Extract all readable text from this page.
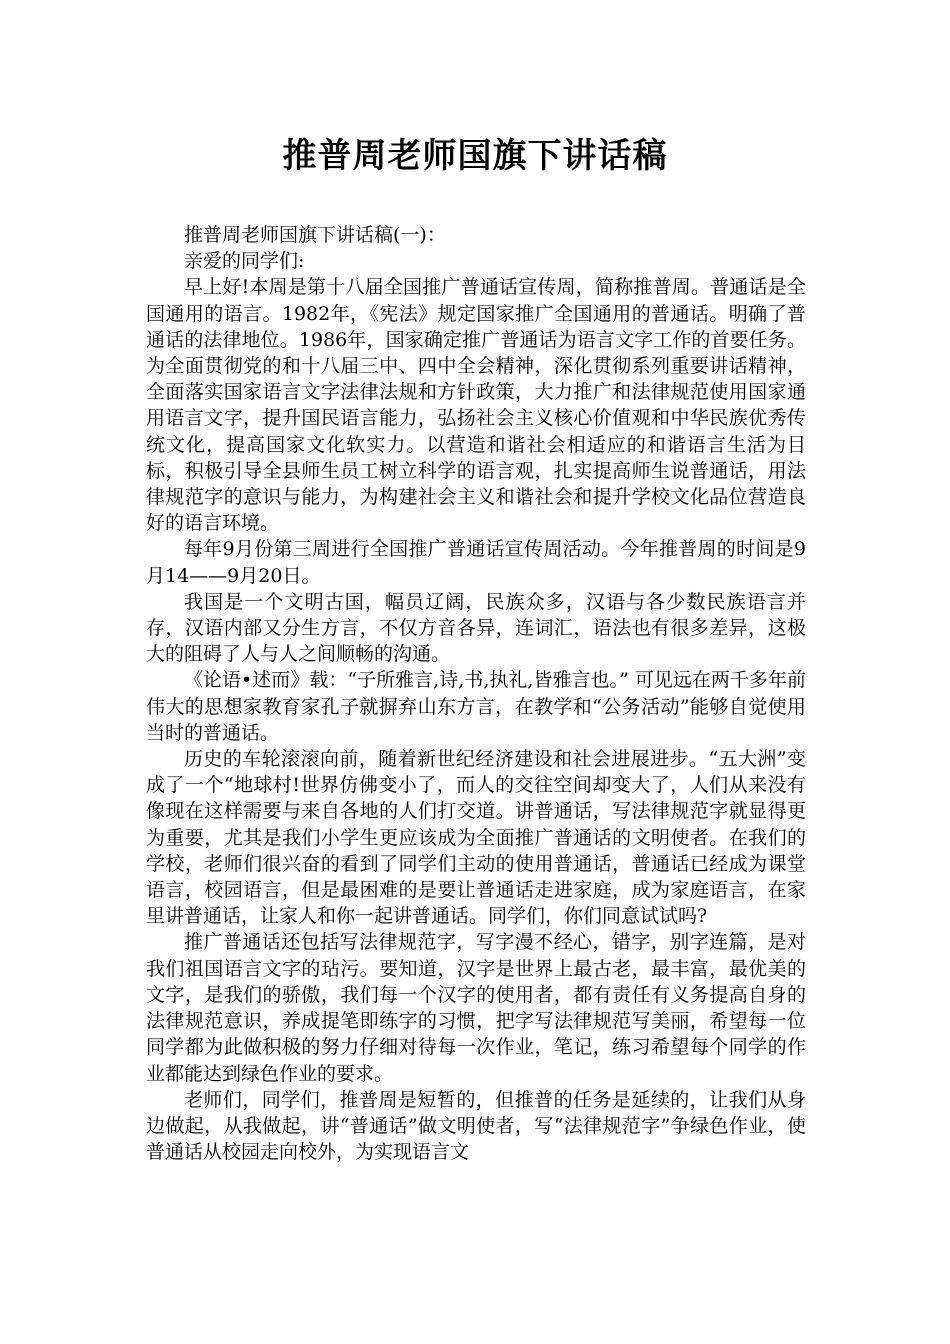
推普周老师国旗下讲话稿

推普周老师国旗下讲话稿(一)：

亲爱的同学们:

早上好!本周是第十八届全国推广普通话宣传周，简称推普周。普通话是全国通用的语言。1982年，《宪法》规定国家推广全国通用的普通话。明确了普通话的法律地位。1986年，国家确定推广普通话为语言文字工作的首要任务。为全面贯彻党的和十八届三中、四中全会精神，深化贯彻系列重要讲话精神，全面落实国家语言文字法律法规和方针政策，大力推广和法律规范使用国家通用语言文字，提升国民语言能力，弘扬社会主义核心价值观和中华民族优秀传统文化，提高国家文化软实力。以营造和谐社会相适应的和谐语言生活为目标，积极引导全县师生员工树立科学的语言观，扎实提高师生说普通话，用法律规范字的意识与能力，为构建社会主义和谐社会和提升学校文化品位营造良好的语言环境。

每年9月份第三周进行全国推广普通话宣传周活动。今年推普周的时间是9月14——9月20日。

我国是一个文明古国，幅员辽阔，民族众多，汉语与各少数民族语言并存，汉语内部又分生方言，不仅方音各异，连词汇，语法也有很多差异，这极大的阻碍了人与人之间顺畅的沟通。

《论语•述而》载：“子所雅言,诗,书,执礼,皆雅言也。” 可见远在两千多年前伟大的思想家教育家孔子就摒弃山东方言，在教学和“公务活动”能够自觉使用当时的普通话。

历史的车轮滚滚向前，随着新世纪经济建设和社会进展进步。“五大洲”变成了一个“地球村!世界仿佛变小了，而人的交往空间却变大了，人们从来没有像现在这样需要与来自各地的人们打交道。讲普通话，写法律规范字就显得更为重要，尤其是我们小学生更应该成为全面推广普通话的文明使者。在我们的学校，老师们很兴奋的看到了同学们主动的使用普通话，普通话已经成为课堂语言，校园语言，但是最困难的是要让普通话走进家庭，成为家庭语言，在家里讲普通话，让家人和你一起讲普通话。同学们，你们同意试试吗?

推广普通话还包括写法律规范字，写字漫不经心，错字，别字连篇，是对我们祖国语言文字的玷污。要知道，汉字是世界上最古老，最丰富，最优美的文字，是我们的骄傲，我们每一个汉字的使用者，都有责任有义务提高自身的法律规范意识，养成提笔即练字的习惯，把字写法律规范写美丽，希望每一位同学都为此做积极的努力仔细对待每一次作业，笔记，练习希望每个同学的作业都能达到绿色作业的要求。

老师们，同学们，推普周是短暂的，但推普的任务是延续的，让我们从身边做起，从我做起，讲“普通话”做文明使者，写“法律规范字”争绿色作业，使普通话从校园走向校外，为实现语言文
